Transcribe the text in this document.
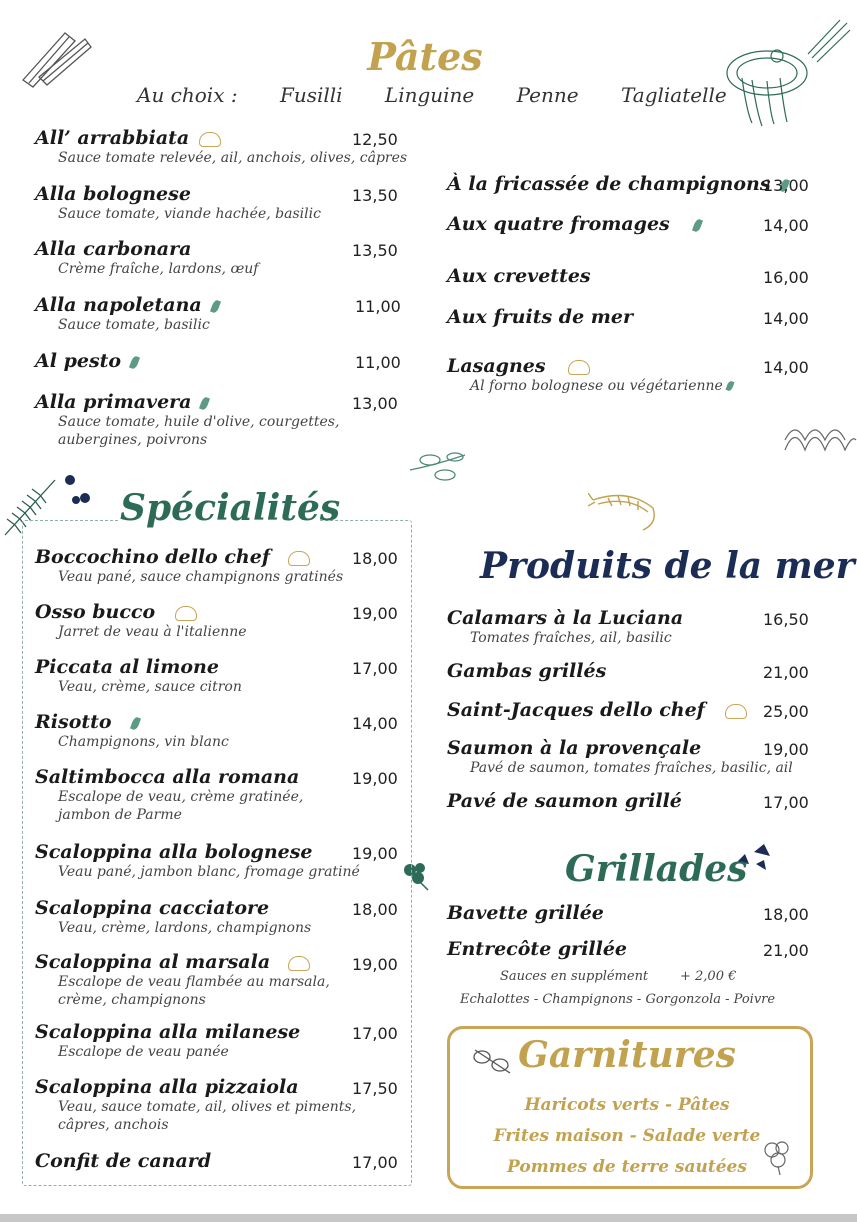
Pâtes
Au choix : Fusilli Linguine Penne Tagliatelle
All’ arrabbiata
Sauce tomate relevée, ail, anchois, olives, câpres
12,50
Alla bolognese
Sauce tomate, viande hachée, basilic
13,50
Alla carbonara
Crème fraîche, lardons, œuf
13,50
Alla napoletana
Sauce tomate, basilic
11,00
Al pesto	11,00
Alla primavera
Sauce tomate, huile d'olive, courgettes,
aubergines, poivrons
13,00
À la fricassée de champignons
13,00
Aux quatre fromages	14,00
Aux crevettes	16,00
Aux fruits de mer	14,00
Lasagnes
Al forno bolognese ou végétarienne
14,00
Spécialités
Boccochino dello chef
Veau pané, sauce champignons gratinés
18,00
Osso bucco
Jarret de veau à l'italienne
19,00
Piccata al limone
Veau, crème, sauce citron
17,00
Risotto
Champignons, vin blanc
14,00
Saltimbocca alla romana
Escalope de veau, crème gratinée,
jambon de Parme
19,00
Scaloppina alla bolognese
Veau pané, jambon blanc, fromage gratiné
19,00
Scaloppina cacciatore
Veau, crème, lardons, champignons
18,00
Scaloppina al marsala
Escalope de veau flambée au marsala,
crème, champignons
19,00
Scaloppina alla milanese
Escalope de veau panée
17,00
Scaloppina alla pizzaiola
Veau, sauce tomate, ail, olives et piments,
câpres, anchois
17,50
Confit de canard	17,00
Produits de la mer
Calamars à la Luciana
Tomates fraîches, ail, basilic
16,50
Gambas grillés	21,00
Saint-Jacques dello chef	25,00
Saumon à la provençale
Pavé de saumon, tomates fraîches, basilic, ail
19,00
Pavé de saumon grillé	17,00
Grillades
Bavette grillée	18,00
Entrecôte grillée	21,00
Sauces en supplément + 2,00 €
Echalottes - Champignons - Gorgonzola - Poivre
Garnitures
Haricots verts - Pâtes
Frites maison - Salade verte
Pommes de terre sautées
